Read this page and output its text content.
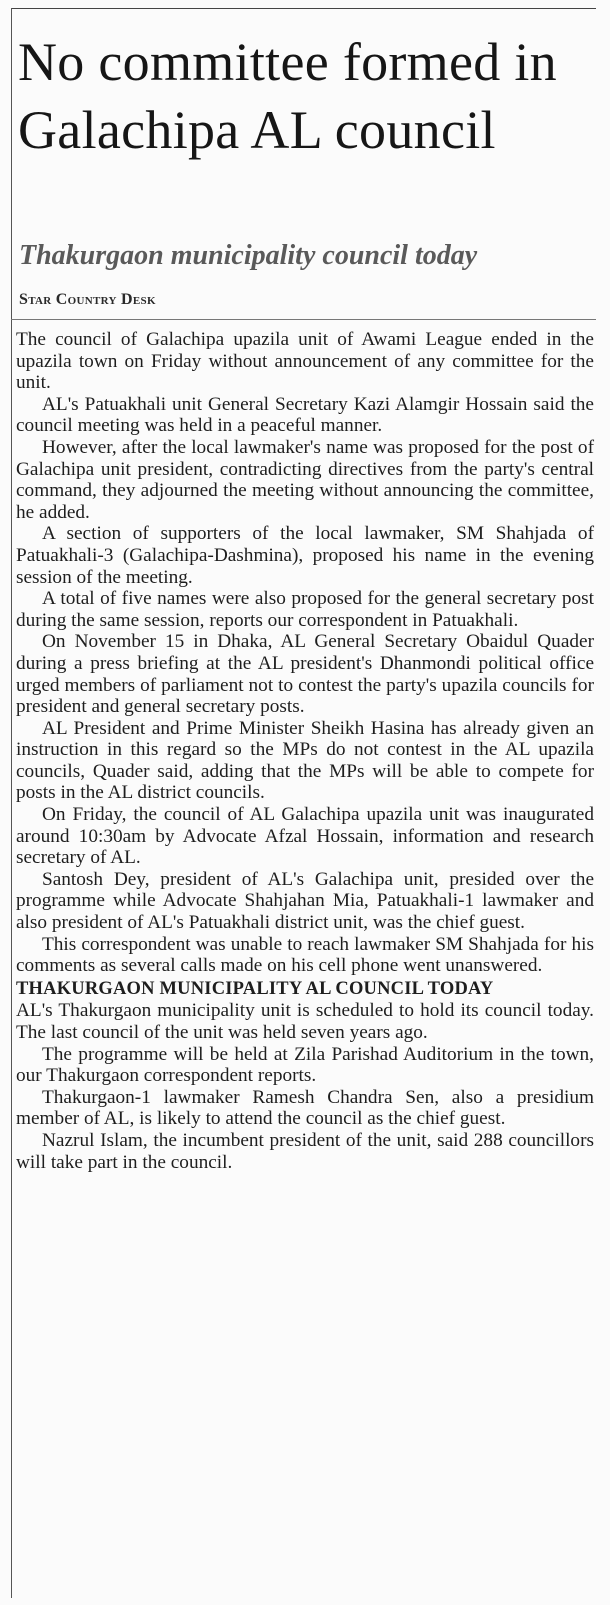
No committee formed in Galachipa AL council
Thakurgaon municipality council today
Star Country Desk

The council of Galachipa upazila unit of Awami League ended in the upazila town on Friday without announcement of any committee for the unit.

AL's Patuakhali unit General Secretary Kazi Alamgir Hossain said the council meeting was held in a peaceful manner.

However, after the local lawmaker's name was proposed for the post of Galachipa unit president, contradicting directives from the party's central command, they adjourned the meeting without announcing the committee, he added.

A section of supporters of the local lawmaker, SM Shahjada of Patuakhali-3 (Galachipa-Dashmina), proposed his name in the evening session of the meeting.

A total of five names were also proposed for the general secretary post during the same session, reports our correspondent in Patuakhali.

On November 15 in Dhaka, AL General Secretary Obaidul Quader during a press briefing at the AL president's Dhanmondi political office urged members of parliament not to contest the party's upazila councils for president and general secretary posts.

AL President and Prime Minister Sheikh Hasina has already given an instruction in this regard so the MPs do not contest in the AL upazila councils, Quader said, adding that the MPs will be able to compete for posts in the AL district councils.

On Friday, the council of AL Galachipa upazila unit was inaugurated around 10:30am by Advocate Afzal Hossain, information and research secretary of AL.

Santosh Dey, president of AL's Galachipa unit, presided over the programme while Advocate Shahjahan Mia, Patuakhali-1 lawmaker and also president of AL's Patuakhali district unit, was the chief guest.

This correspondent was unable to reach lawmaker SM Shahjada for his comments as several calls made on his cell phone went unanswered.

THAKURGAON MUNICIPALITY AL COUNCIL TODAY

AL's Thakurgaon municipality unit is scheduled to hold its council today. The last council of the unit was held seven years ago.

The programme will be held at Zila Parishad Auditorium in the town, our Thakurgaon correspondent reports.

Thakurgaon-1 lawmaker Ramesh Chandra Sen, also a presidium member of AL, is likely to attend the council as the chief guest.

Nazrul Islam, the incumbent president of the unit, said 288 councillors will take part in the council.
